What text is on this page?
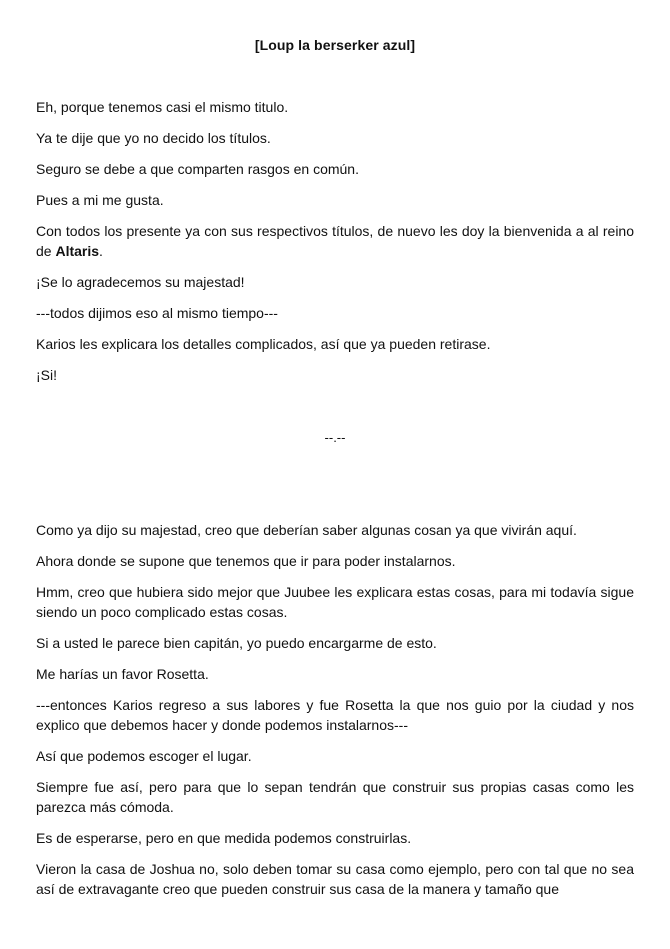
[Loup la berserker azul]
Eh, porque tenemos casi el mismo titulo.
Ya te dije que yo no decido los títulos.
Seguro se debe a que comparten rasgos en común.
Pues a mi me gusta.
Con todos los presente ya con sus respectivos títulos, de nuevo les doy la bienvenida a al reino de Altaris.
¡Se lo agradecemos su majestad!
---todos dijimos eso al mismo tiempo---
Karios les explicara los detalles complicados, así que ya pueden retirase.
¡Si!
--.--
Como ya dijo su majestad, creo que deberían saber algunas cosan ya que vivirán aquí.
Ahora donde se supone que tenemos que ir para poder instalarnos.
Hmm, creo que hubiera sido mejor que Juubee les explicara estas cosas, para mi todavía sigue siendo un poco complicado estas cosas.
Si a usted le parece bien capitán, yo puedo encargarme de esto.
Me harías un favor Rosetta.
---entonces Karios regreso a sus labores y fue Rosetta la que nos guio por la ciudad y nos explico que debemos hacer y donde podemos instalarnos---
Así que podemos escoger el lugar.
Siempre fue así, pero para que lo sepan tendrán que construir sus propias casas como les parezca más cómoda.
Es de esperarse, pero en que medida podemos construirlas.
Vieron la casa de Joshua no, solo deben tomar su casa como ejemplo, pero con tal que no sea así de extravagante creo que pueden construir sus casa de la manera y tamaño que
